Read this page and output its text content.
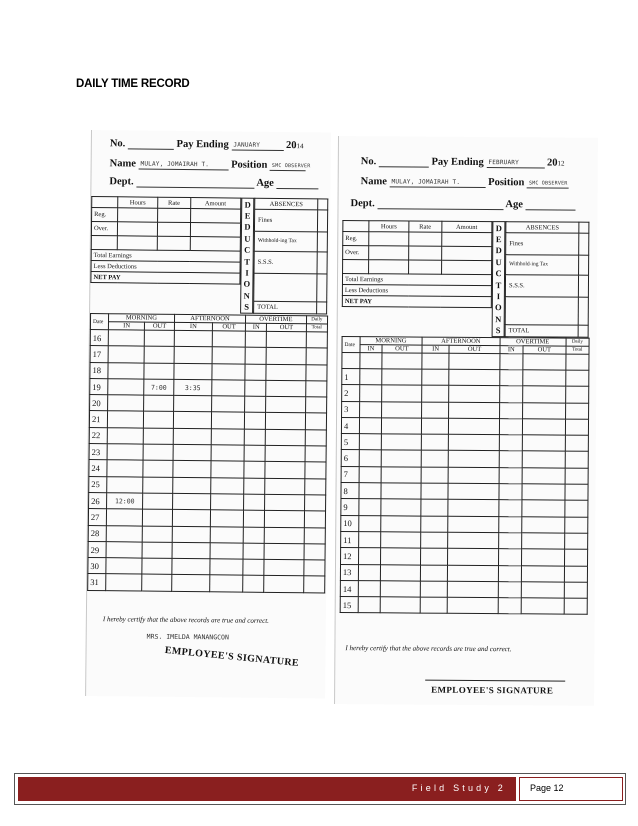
DAILY TIME RECORD
No.	Pay Ending JANUARY 2014
Name MULAY, JOMAIRAH T. Position SMC OBSERVER
Dept.	Age
	Hours	Rate	Amount
Reg.			
Over.			

Total Earnings			
Less Deductions			
NET PAY			
D
E
D
U
C
T
I
O
N
S
ABSENCES	
Fines	
Withhold-ing Tax	
S.S.S.	

TOTAL	
Date	MORNING		AFTERNOON		OVERTIME		Daily
	IN	OUT	IN	OUT	IN	OUT	Total
16							
17							
18							
19		7:00	3:35				
20							
21							
22							
23							
24							
25							
26	12:00						
27							
28							
29							
30							
31							
I hereby certify that the above records are true and correct.
MRS. IMELDA MANANGCON
EMPLOYEE'S SIGNATURE
No.	Pay Ending FEBRUARY	2012
Name MULAY, JOMAIRAH T.	Position SMC OBSERVER
Dept.	Age
	Hours	Rate	Amount
Reg.			
Over.			

Total Earnings			
Less Deductions			
NET PAY			
D
E
D
U
C
T
I
O
N
S
ABSENCES	
Fines	
Withhold-ing Tax	
S.S.S.	

TOTAL	
Date	MORNING		AFTERNOON		OVERTIME		Daily
	IN	OUT	IN	OUT	IN	OUT	Total

1							
2							
3							
4							
5							
6							
7							
8							
9							
10							
11							
12							
13							
14							
15							
I hereby certify that the above records are true and correct.
EMPLOYEE'S SIGNATURE
Field Study 2	Page 12
